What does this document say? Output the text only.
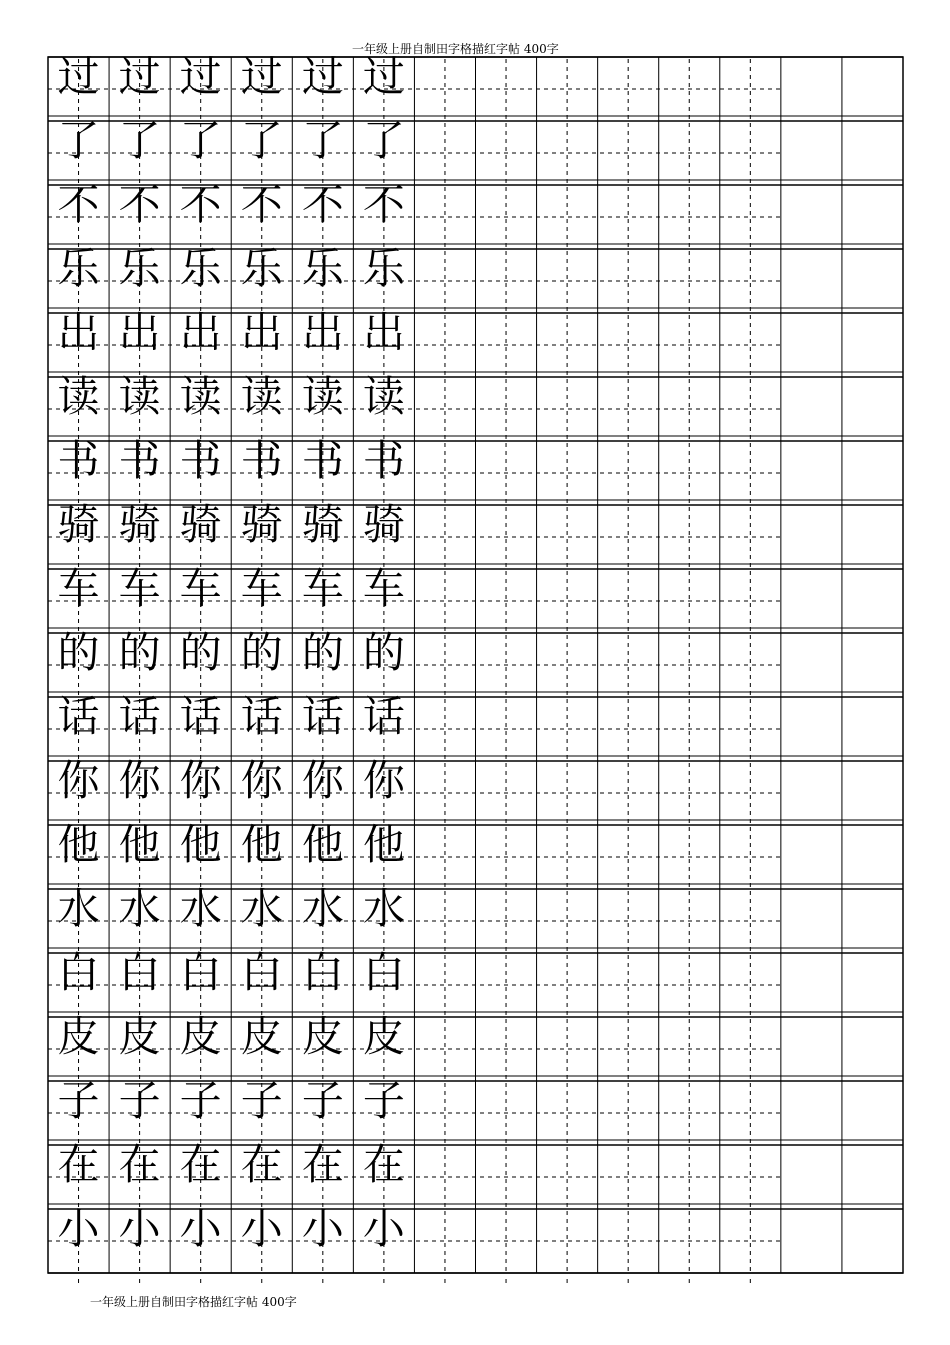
一年级上册自制田字格描红字帖 400字
过 过 过 过 过 过
了 了 了 了 了 了
不 不 不 不 不 不
乐 乐 乐 乐 乐 乐
出 出 出 出 出 出
读 读 读 读 读 读
书 书 书 书 书 书
骑 骑 骑 骑 骑 骑
车 车 车 车 车 车
的 的 的 的 的 的
话 话 话 话 话 话
你 你 你 你 你 你
他 他 他 他 他 他
水 水 水 水 水 水
白 白 白 白 白 白
皮 皮 皮 皮 皮 皮
子 子 子 子 子 子
在 在 在 在 在 在
小 小 小 小 小 小
一年级上册自制田字格描红字帖 400字
